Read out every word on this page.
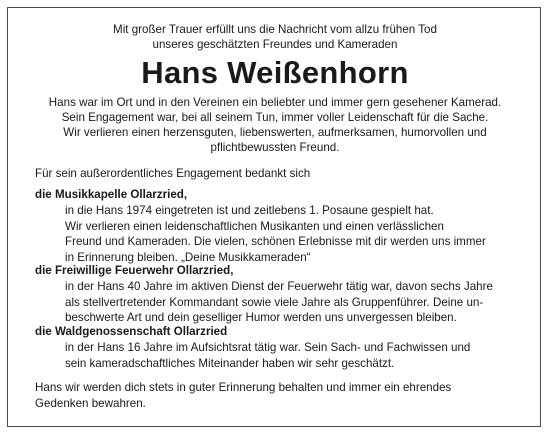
Mit großer Trauer erfüllt uns die Nachricht vom allzu frühen Tod
unseres geschätzten Freundes und Kameraden
Hans Weißenhorn
Hans war im Ort und in den Vereinen ein beliebter und immer gern gesehener Kamerad.
Sein Engagement war, bei all seinem Tun, immer voller Leidenschaft für die Sache.
Wir verlieren einen herzensguten, liebenswerten, aufmerksamen, humorvollen und
pflichtbewussten Freund.
Für sein außerordentliches Engagement bedankt sich
die Musikkapelle Ollarzried,
in die Hans 1974 eingetreten ist und zeitlebens 1. Posaune gespielt hat.
Wir verlieren einen leidenschaftlichen Musikanten und einen verlässlichen
Freund und Kameraden. Die vielen, schönen Erlebnisse mit dir werden uns immer
in Erinnerung bleiben. „Deine Musikkameraden“
die Freiwillige Feuerwehr Ollarzried,
in der Hans 40 Jahre im aktiven Dienst der Feuerwehr tätig war, davon sechs Jahre
als stellvertretender Kommandant sowie viele Jahre als Gruppenführer. Deine un-
beschwerte Art und dein geselliger Humor werden uns unvergessen bleiben.
die Waldgenossenschaft Ollarzried
in der Hans 16 Jahre im Aufsichtsrat tätig war. Sein Sach- und Fachwissen und
sein kameradschaftliches Miteinander haben wir sehr geschätzt.
Hans wir werden dich stets in guter Erinnerung behalten und immer ein ehrendes
Gedenken bewahren.
